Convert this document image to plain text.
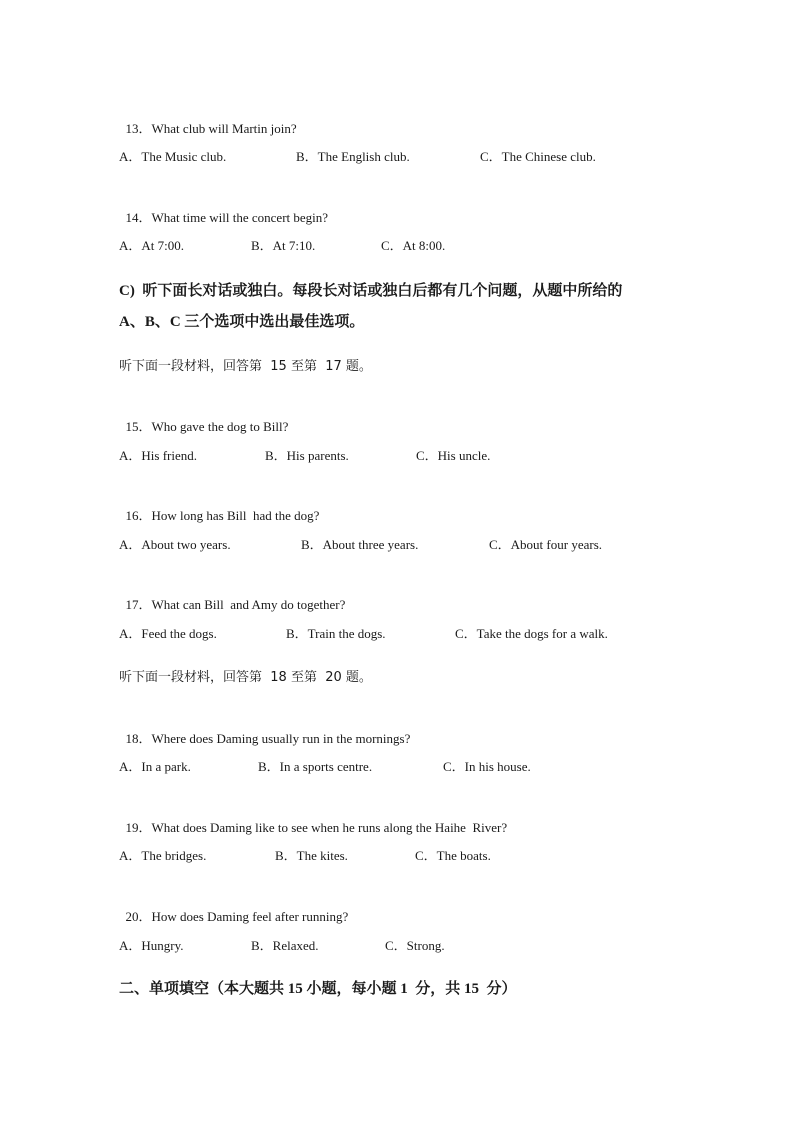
13．What club will Martin join?

A．The Music club.	B．The English club.	C．The Chinese club.

14．What time will the concert begin?

A．At 7:00.	B．At 7:10.	C．At 8:00.
C)  听下面长对话或独白。每段长对话或独白后都有几个问题，从题中所给的
A、B、C 三个选项中选出最佳选项。
听下面一段材料，回答第  15 至第  17 题。

15．Who gave the dog to Bill?

A．His friend.	B．His parents.	C．His uncle.

16．How long has Bill  had the dog?

A．About two years.	B．About three years.	C．About four years.

17．What can Bill  and Amy do together?

A．Feed the dogs.	B．Train the dogs.	C．Take the dogs for a walk.
听下面一段材料，回答第  18 至第  20 题。

18．Where does Daming usually run in the mornings?

A．In a park.	B．In a sports centre.	C．In his house.

19．What does Daming like to see when he runs along the Haihe  River?

A．The bridges.	B．The kites.	C．The boats.

20．How does Daming feel after running?

A．Hungry.	B．Relaxed.	C．Strong.
二、单项填空（本大题共 15 小题，每小题 1  分，共 15  分）
